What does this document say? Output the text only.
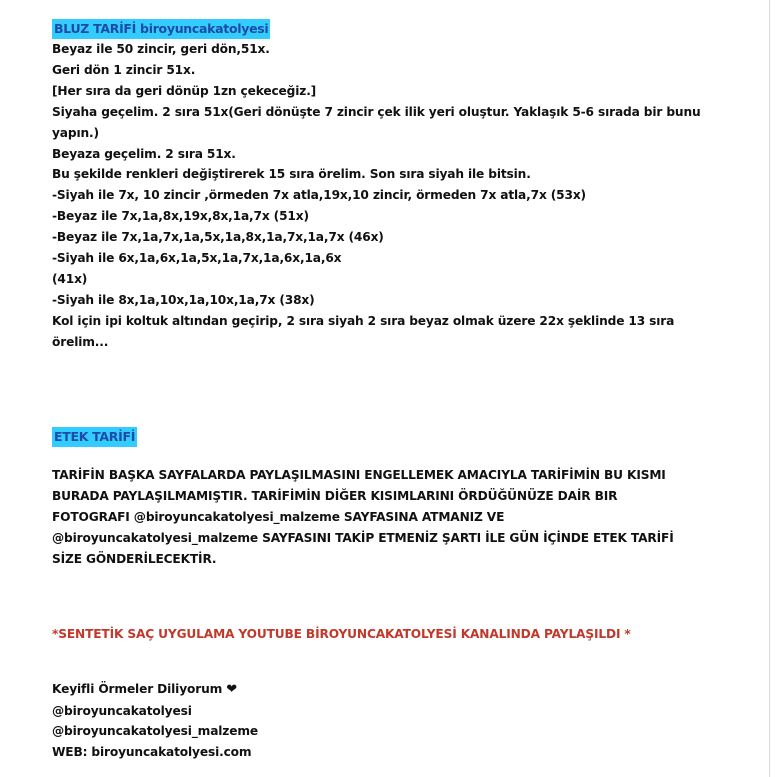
BLUZ TARİFİ biroyuncakatolyesi
Beyaz ile 50 zincir, geri dön,51x.
Geri dön 1 zincir 51x.
[Her sıra da geri dönüp 1zn çekeceğiz.]
Siyaha geçelim. 2 sıra 51x(Geri dönüşte 7 zincir çek ilik yeri oluştur. Yaklaşık 5-6 sırada bir bunu
yapın.)
Beyaza geçelim. 2 sıra 51x.
Bu şekilde renkleri değiştirerek 15 sıra örelim. Son sıra siyah ile bitsin.
-Siyah ile 7x, 10 zincir ,örmeden 7x atla,19x,10 zincir, örmeden 7x atla,7x (53x)
-Beyaz ile 7x,1a,8x,19x,8x,1a,7x (51x)
-Beyaz ile 7x,1a,7x,1a,5x,1a,8x,1a,7x,1a,7x (46x)
-Siyah ile 6x,1a,6x,1a,5x,1a,7x,1a,6x,1a,6x
(41x)
-Siyah ile 8x,1a,10x,1a,10x,1a,7x (38x)
Kol için ipi koltuk altından geçirip, 2 sıra siyah 2 sıra beyaz olmak üzere 22x şeklinde 13 sıra
örelim...
ETEK TARİFİ
TARİFİN BAŞKA SAYFALARDA PAYLAŞILMASINI ENGELLEMEK AMACIYLA TARİFİMİN BU KISMI
BURADA PAYLAŞILMAMIŞTIR. TARİFİMİN DİĞER KISIMLARINI ÖRDÜĞÜNÜZE DAİR BIR
FOTOGRAFI @biroyuncakatolyesi_malzeme SAYFASINA ATMANIZ VE
@biroyuncakatolyesi_malzeme SAYFASINI TAKİP ETMENİZ ŞARTI İLE GÜN İÇİNDE ETEK TARİFİ
SİZE GÖNDERİLECEKTİR.
*SENTETİK SAÇ UYGULAMA YOUTUBE BİROYUNCAKATOLYESİ KANALINDA PAYLAŞILDI *
Keyifli Örmeler Diliyorum ❤
@biroyuncakatolyesi
@biroyuncakatolyesi_malzeme
WEB: biroyuncakatolyesi.com
